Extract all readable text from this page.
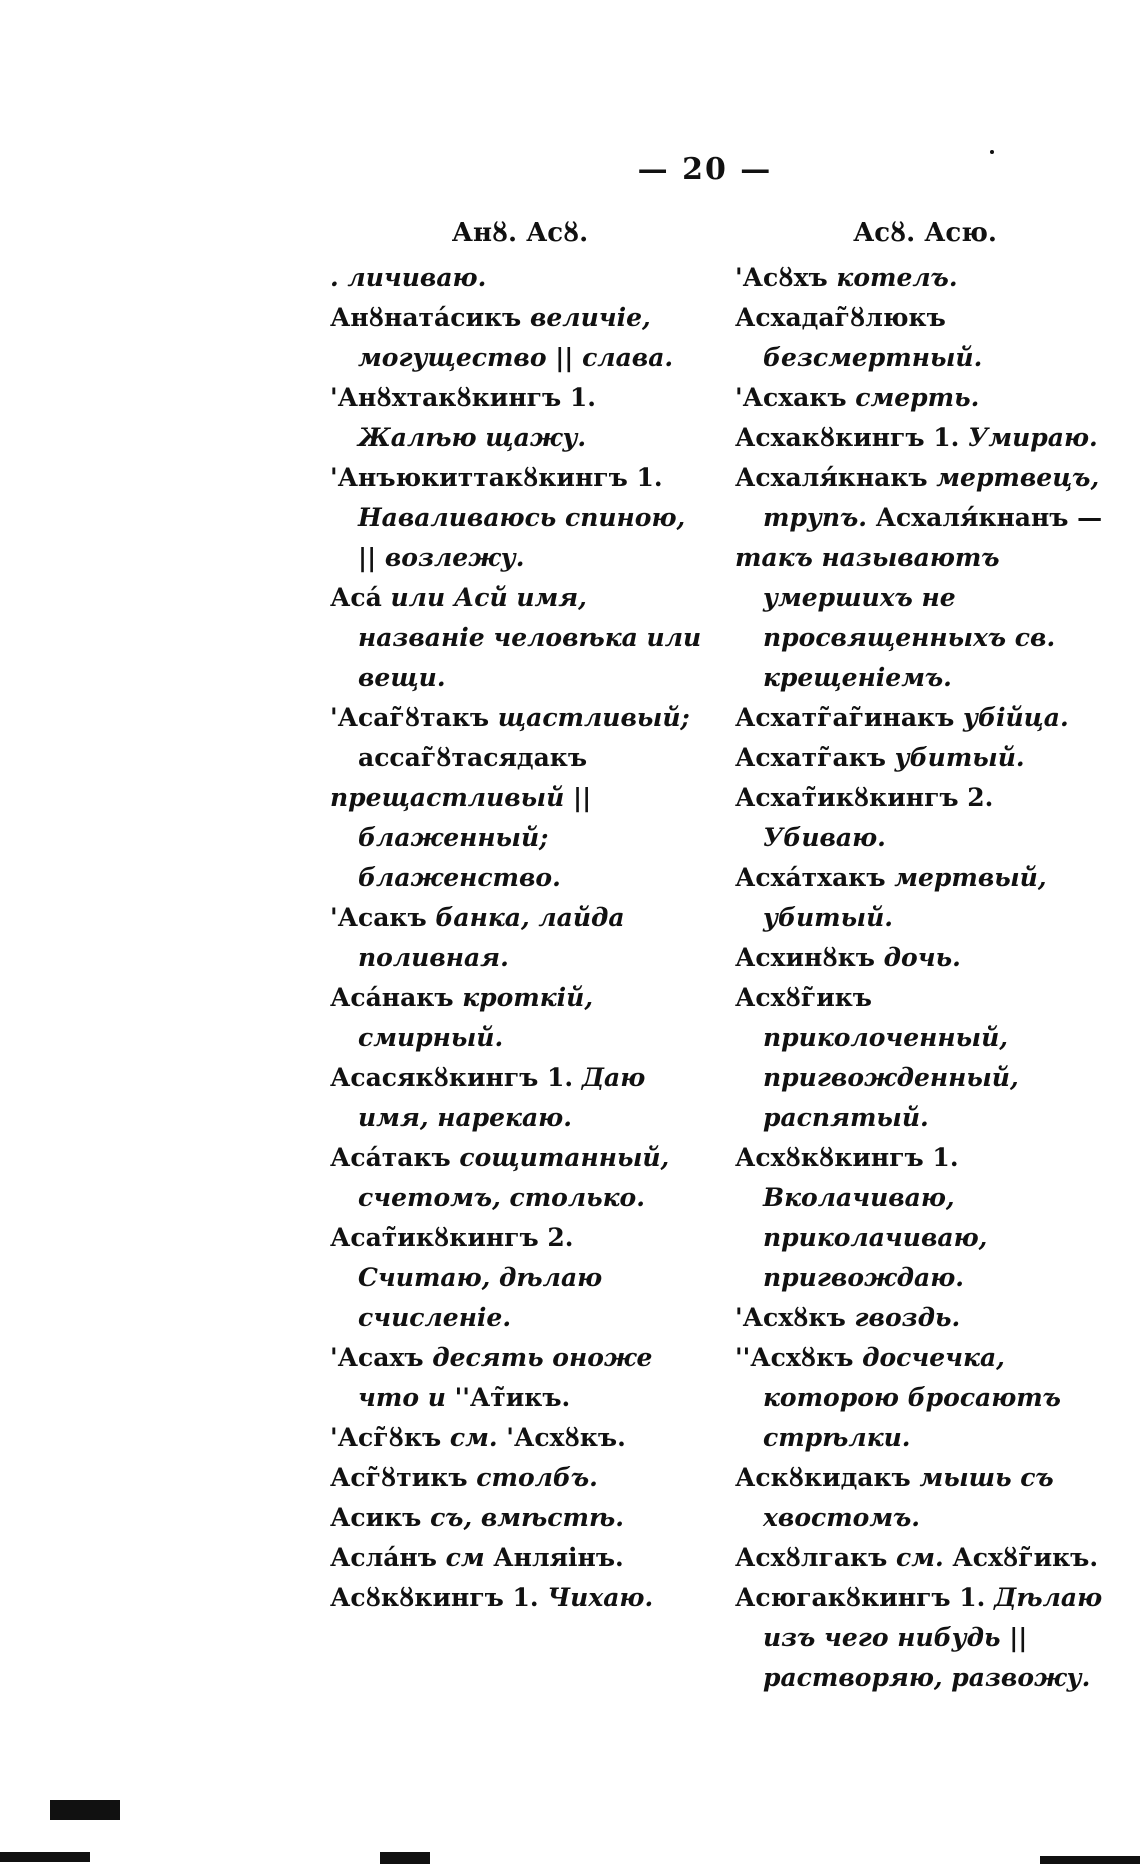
— 20 —
Анȣ. Асȣ.
. личиваю.
Анȣнатáсикъ величіе, могущество || слава.
'Анȣхтакȣкингъ 1. Жалѣю щажу.
'Анъюкиттакȣкингъ 1. Наваливаюсь спиною, || возлежу.
Асá или Асй имя, названіе человѣка или вещи.
'Асаг̃ȣтакъ щастливый; асcаг̃ȣтасядакъ
прещастливый || блаженный; блаженство.
'Асакъ банка, лайда поливная.
Асáнакъ кроткій, смирный.
Асасякȣкингъ 1. Даю имя, нарекаю.
Асáтакъ сощитанный, счетомъ, столько.
Асат̃икȣкингъ 2. Считаю, дѣлаю счисленіе.
'Асахъ десять оноже что и ''Ат̃икъ.
'Асг̃ȣкъ см. 'Асхȣкъ.
Асг̃ȣтикъ столбъ.
Асикъ съ, вмѣстѣ.
Аслáнъ см Анляінъ.
Асȣкȣкингъ 1. Чихаю.
Асȣ. Асю.
'Асȣхъ котелъ.
Асхадаг̃ȣлюкъ безсмертный.
'Асхакъ смерть.
Асхакȣкингъ 1. Умираю.
Асхаля́кнакъ мертвецъ, трупъ. Асхаля́кнанъ —
такъ называютъ умершихъ не просвященныхъ св. крещеніемъ.
Асхатг̃аг̃инакъ убійца.
Асхатг̃акъ убитый.
Асхат̃икȣкингъ 2. Убиваю.
Асхáтхакъ мертвый, убитый.
Асхинȣкъ дочь.
Асхȣг̃икъ приколоченный, пригвожденный, распятый.
Асхȣкȣкингъ 1. Вколачиваю, приколачиваю, пригвождаю.
'Асхȣкъ гвоздь.
''Асхȣкъ досчечка, которою бросаютъ стрѣлки.
Аскȣкидакъ мышь съ хвостомъ.
Асхȣлгакъ см. Асхȣг̃икъ.
Асюгакȣкингъ 1. Дѣлаю изъ чего нибудь || растворяю, развожу.
